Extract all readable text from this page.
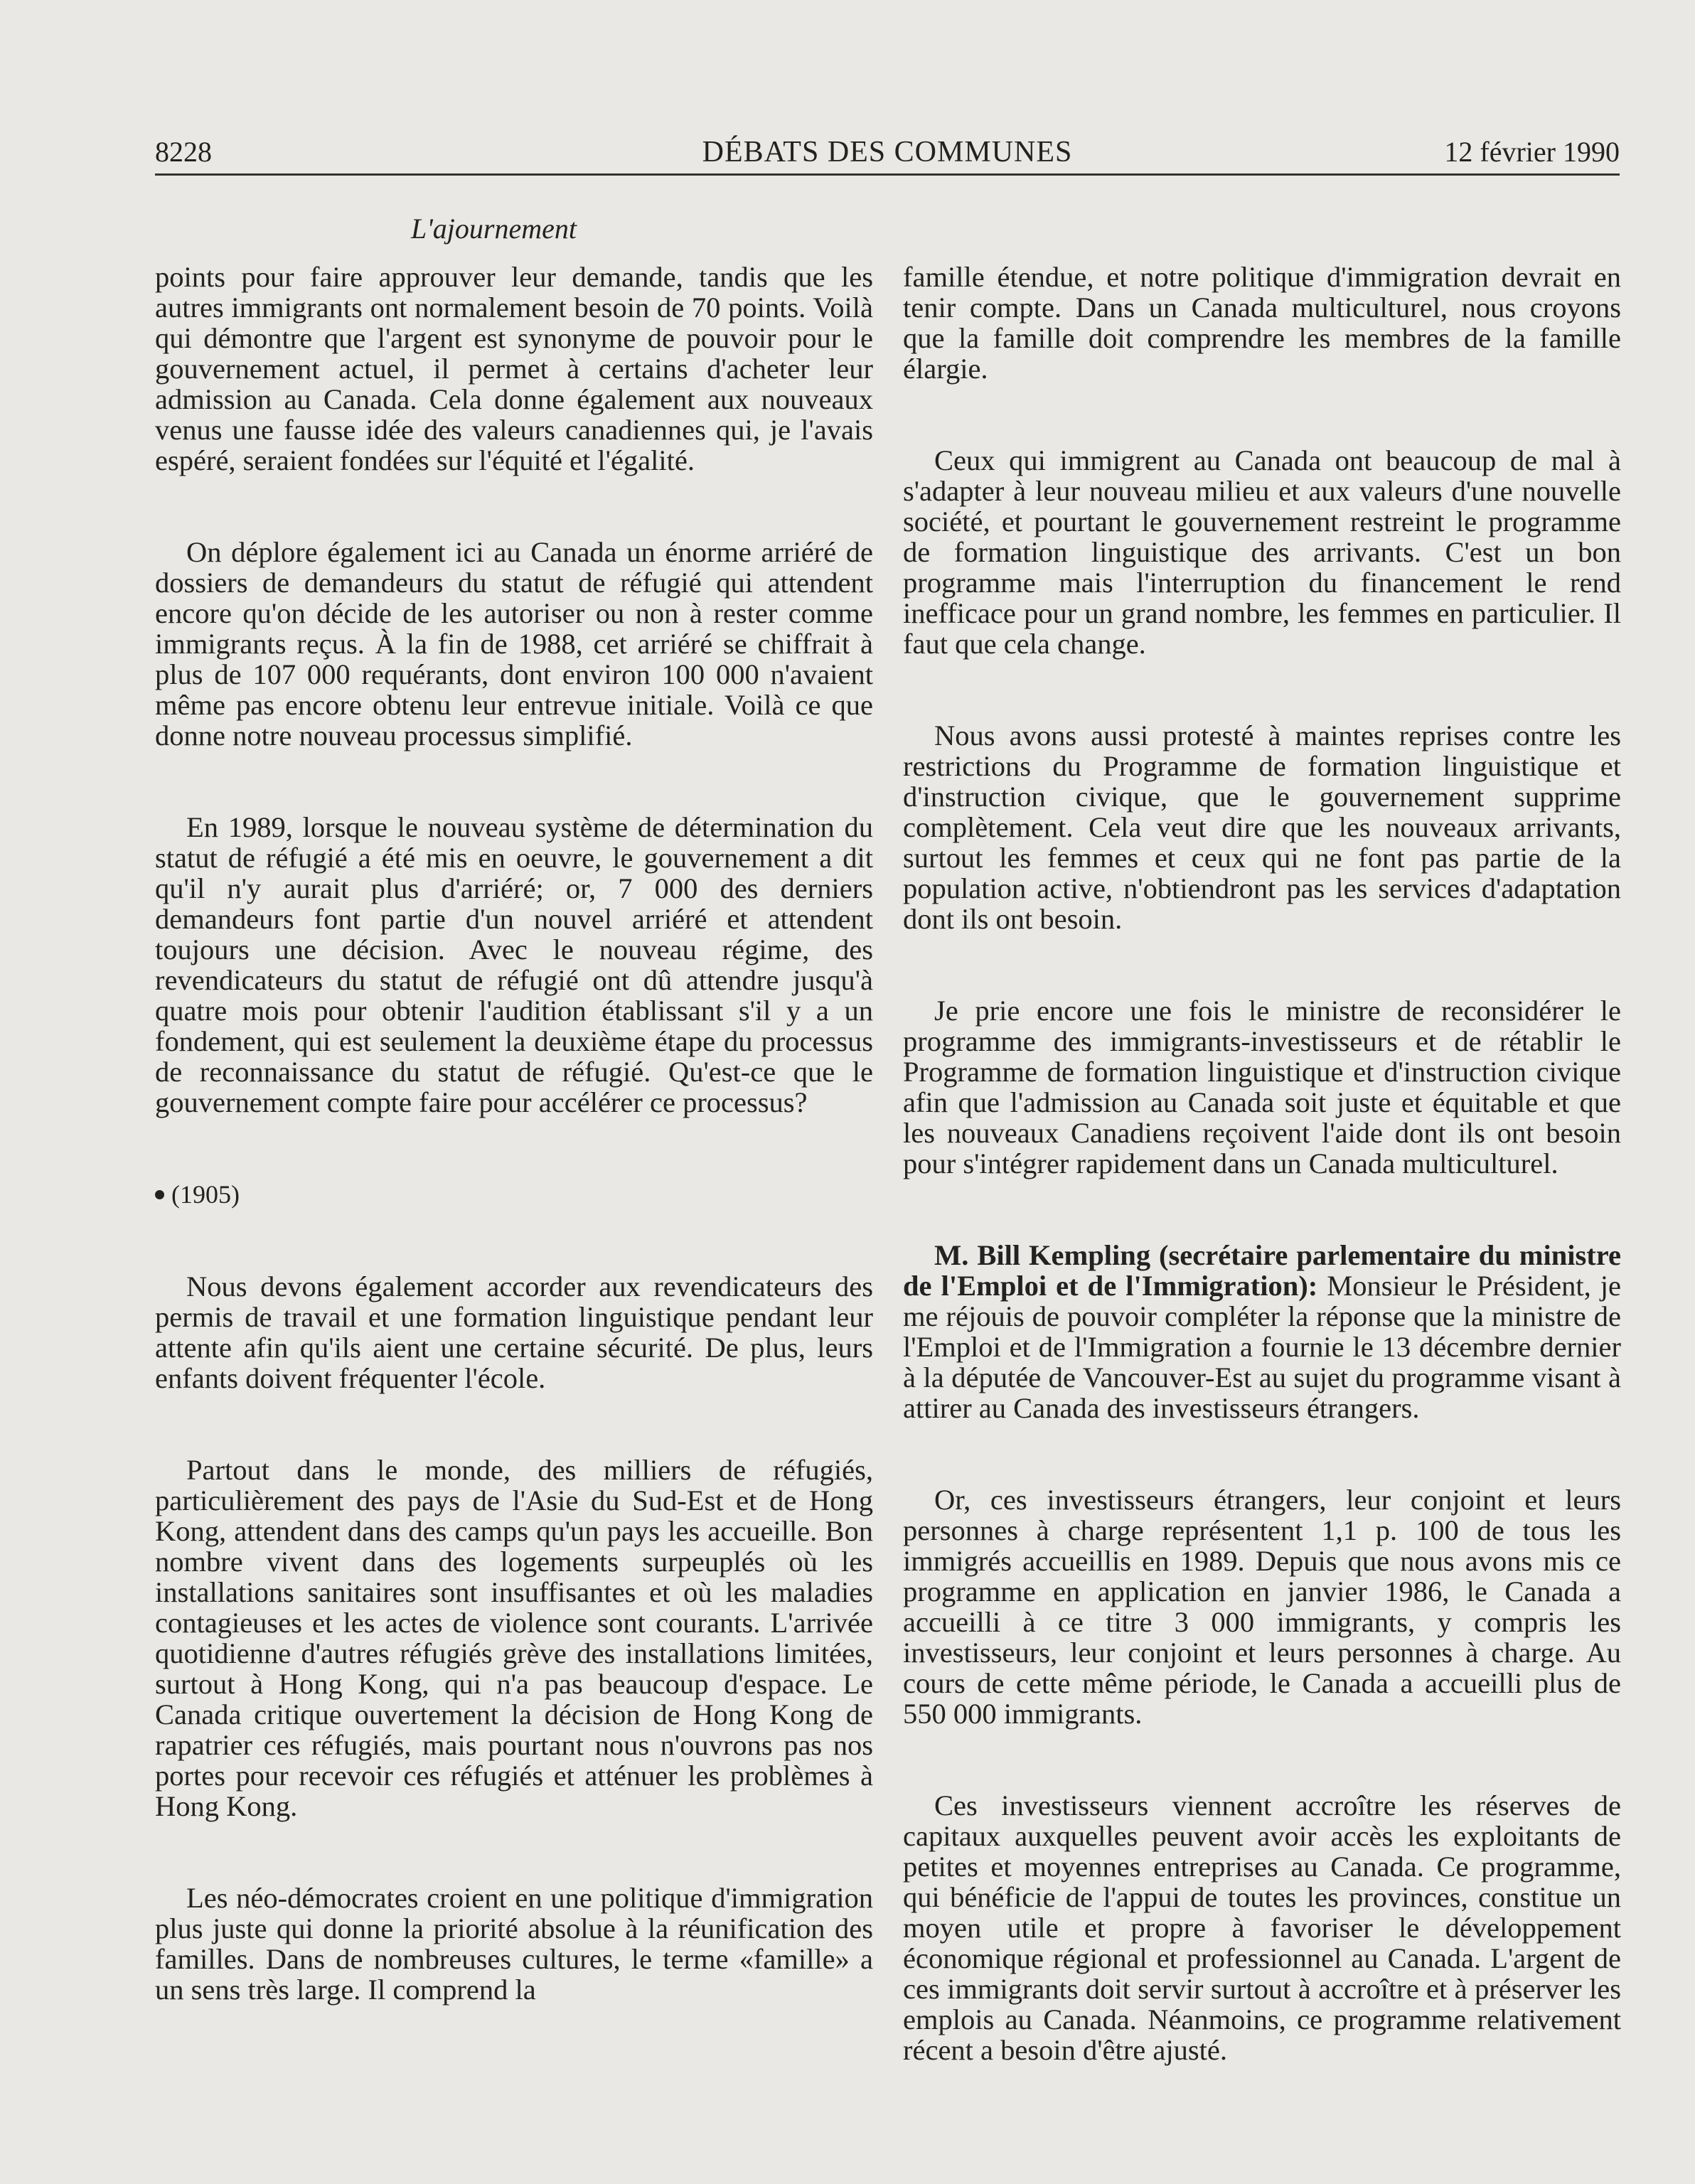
8228	DÉBATS DES COMMUNES	12 février 1990
L'ajournement

points pour faire approuver leur demande, tandis que les autres immigrants ont normalement besoin de 70 points. Voilà qui démontre que l'argent est synonyme de pouvoir pour le gouvernement actuel, il permet à certains d'acheter leur admission au Canada. Cela donne également aux nouveaux venus une fausse idée des valeurs canadiennes qui, je l'avais espéré, seraient fondées sur l'équité et l'égalité.

On déplore également ici au Canada un énorme arriéré de dossiers de demandeurs du statut de réfugié qui attendent encore qu'on décide de les autoriser ou non à rester comme immigrants reçus. À la fin de 1988, cet arriéré se chiffrait à plus de 107 000 requérants, dont environ 100 000 n'avaient même pas encore obtenu leur entrevue initiale. Voilà ce que donne notre nouveau processus simplifié.

En 1989, lorsque le nouveau système de détermination du statut de réfugié a été mis en oeuvre, le gouvernement a dit qu'il n'y aurait plus d'arriéré; or, 7 000 des derniers demandeurs font partie d'un nouvel arriéré et attendent toujours une décision. Avec le nouveau régime, des revendicateurs du statut de réfugié ont dû attendre jusqu'à quatre mois pour obtenir l'audition établissant s'il y a un fondement, qui est seulement la deuxième étape du processus de reconnaissance du statut de réfugié. Qu'est-ce que le gouvernement compte faire pour accélérer ce processus?

(1905)

Nous devons également accorder aux revendicateurs des permis de travail et une formation linguistique pendant leur attente afin qu'ils aient une certaine sécurité. De plus, leurs enfants doivent fréquenter l'école.

Partout dans le monde, des milliers de réfugiés, particulièrement des pays de l'Asie du Sud-Est et de Hong Kong, attendent dans des camps qu'un pays les accueille. Bon nombre vivent dans des logements surpeuplés où les installations sanitaires sont insuffisantes et où les maladies contagieuses et les actes de violence sont courants. L'arrivée quotidienne d'autres réfugiés grève des installations limitées, surtout à Hong Kong, qui n'a pas beaucoup d'espace. Le Canada critique ouvertement la décision de Hong Kong de rapatrier ces réfugiés, mais pourtant nous n'ouvrons pas nos portes pour recevoir ces réfugiés et atténuer les problèmes à Hong Kong.

Les néo-démocrates croient en une politique d'immigration plus juste qui donne la priorité absolue à la réunification des familles. Dans de nombreuses cultures, le terme «famille» a un sens très large. Il comprend la

famille étendue, et notre politique d'immigration devrait en tenir compte. Dans un Canada multiculturel, nous croyons que la famille doit comprendre les membres de la famille élargie.

Ceux qui immigrent au Canada ont beaucoup de mal à s'adapter à leur nouveau milieu et aux valeurs d'une nouvelle société, et pourtant le gouvernement restreint le programme de formation linguistique des arrivants. C'est un bon programme mais l'interruption du financement le rend inefficace pour un grand nombre, les femmes en particulier. Il faut que cela change.

Nous avons aussi protesté à maintes reprises contre les restrictions du Programme de formation linguistique et d'instruction civique, que le gouvernement supprime complètement. Cela veut dire que les nouveaux arrivants, surtout les femmes et ceux qui ne font pas partie de la population active, n'obtiendront pas les services d'adaptation dont ils ont besoin.

Je prie encore une fois le ministre de reconsidérer le programme des immigrants-investisseurs et de rétablir le Programme de formation linguistique et d'instruction civique afin que l'admission au Canada soit juste et équitable et que les nouveaux Canadiens reçoivent l'aide dont ils ont besoin pour s'intégrer rapidement dans un Canada multiculturel.

M. Bill Kempling (secrétaire parlementaire du ministre de l'Emploi et de l'Immigration): Monsieur le Président, je me réjouis de pouvoir compléter la réponse que la ministre de l'Emploi et de l'Immigration a fournie le 13 décembre dernier à la députée de Vancouver-Est au sujet du programme visant à attirer au Canada des investisseurs étrangers.

Or, ces investisseurs étrangers, leur conjoint et leurs personnes à charge représentent 1,1 p. 100 de tous les immigrés accueillis en 1989. Depuis que nous avons mis ce programme en application en janvier 1986, le Canada a accueilli à ce titre 3 000 immigrants, y compris les investisseurs, leur conjoint et leurs personnes à charge. Au cours de cette même période, le Canada a accueilli plus de 550 000 immigrants.

Ces investisseurs viennent accroître les réserves de capitaux auxquelles peuvent avoir accès les exploitants de petites et moyennes entreprises au Canada. Ce programme, qui bénéficie de l'appui de toutes les provinces, constitue un moyen utile et propre à favoriser le développement économique régional et professionnel au Canada. L'argent de ces immigrants doit servir surtout à accroître et à préserver les emplois au Canada. Néanmoins, ce programme relativement récent a besoin d'être ajusté.
